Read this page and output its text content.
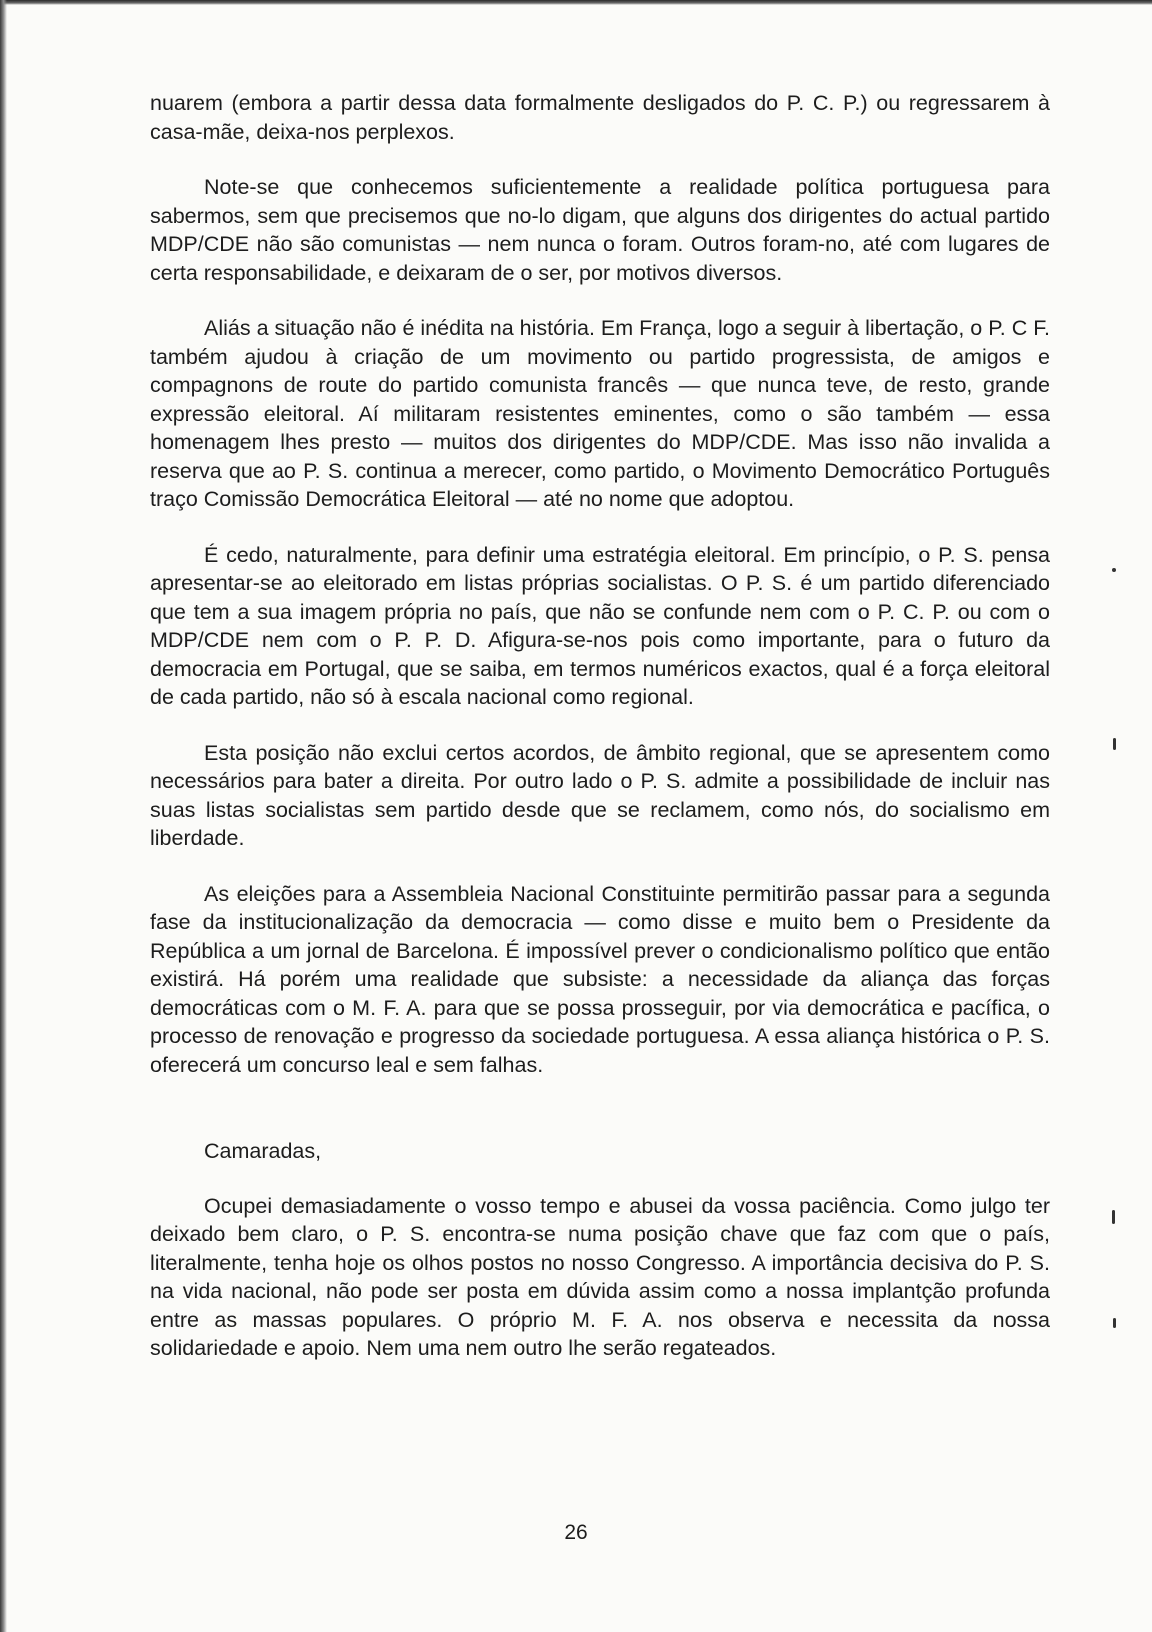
nuarem (embora a partir dessa data formalmente desligados do P. C. P.) ou regressarem à casa-mãe, deixa-nos perplexos.

Note-se que conhecemos suficientemente a realidade política portuguesa para sabermos, sem que precisemos que no-lo digam, que alguns dos dirigentes do actual partido MDP/CDE não são comunistas — nem nunca o foram. Outros foram-no, até com lugares de certa responsabilidade, e deixaram de o ser, por motivos diversos.

Aliás a situação não é inédita na história. Em França, logo a seguir à libertação, o P. C F. também ajudou à criação de um movimento ou partido progressista, de amigos e compagnons de route do partido comunista francês — que nunca teve, de resto, grande expressão eleitoral. Aí militaram resistentes eminentes, como o são também — essa homenagem lhes presto — muitos dos dirigentes do MDP/CDE. Mas isso não invalida a reserva que ao P. S. continua a merecer, como partido, o Movimento Democrático Português traço Comissão Democrática Eleitoral — até no nome que adoptou.

É cedo, naturalmente, para definir uma estratégia eleitoral. Em princípio, o P. S. pensa apresentar-se ao eleitorado em listas próprias socialistas. O P. S. é um partido diferenciado que tem a sua imagem própria no país, que não se confunde nem com o P. C. P. ou com o MDP/CDE nem com o P. P. D. Afigura-se-nos pois como importante, para o futuro da democracia em Portugal, que se saiba, em termos numéricos exactos, qual é a força eleitoral de cada partido, não só à escala nacional como regional.

Esta posição não exclui certos acordos, de âmbito regional, que se apresentem como necessários para bater a direita. Por outro lado o P. S. admite a possibilidade de incluir nas suas listas socialistas sem partido desde que se reclamem, como nós, do socialismo em liberdade.

As eleições para a Assembleia Nacional Constituinte permitirão passar para a segunda fase da institucionalização da democracia — como disse e muito bem o Presidente da República a um jornal de Barcelona. É impossível prever o condicionalismo político que então existirá. Há porém uma realidade que subsiste: a necessidade da aliança das forças democráticas com o M. F. A. para que se possa prosseguir, por via democrática e pacífica, o processo de renovação e progresso da sociedade portuguesa. A essa aliança histórica o P. S. oferecerá um concurso leal e sem falhas.

Camaradas,

Ocupei demasiadamente o vosso tempo e abusei da vossa paciência. Como julgo ter deixado bem claro, o P. S. encontra-se numa posição chave que faz com que o país, literalmente, tenha hoje os olhos postos no nosso Congresso. A importância decisiva do P. S. na vida nacional, não pode ser posta em dúvida assim como a nossa implantção profunda entre as massas populares. O próprio M. F. A. nos observa e necessita da nossa solidariedade e apoio. Nem uma nem outro lhe serão regateados.

26
